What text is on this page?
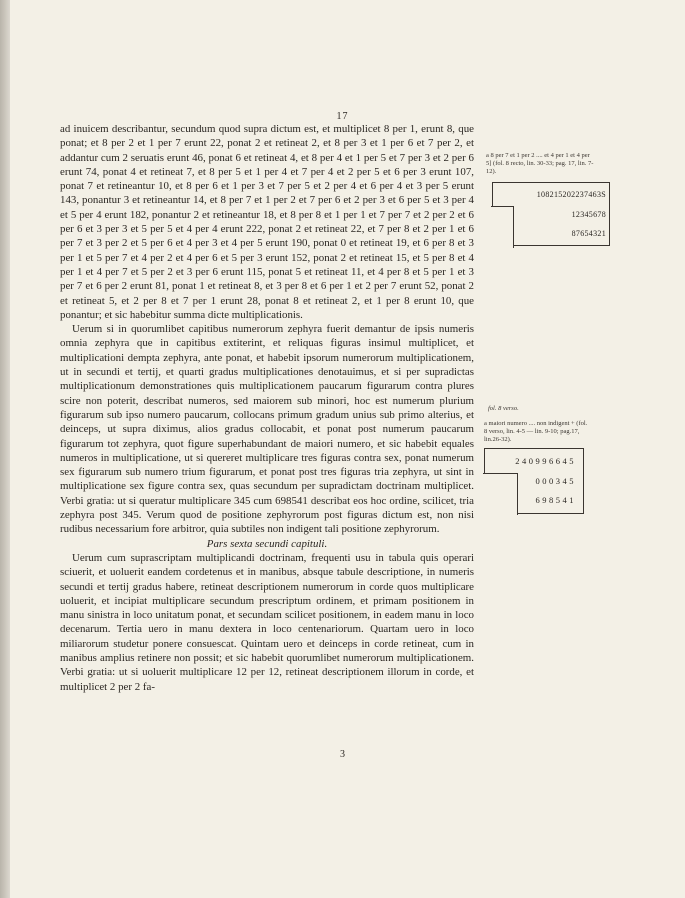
17

ad inuicem describantur, secundum quod supra dictum est, et multiplicet 8 per 1, erunt 8, que ponat; et 8 per 2 et 1 per 7 erunt 22, ponat 2 et retineat 2, et 8 per 3 et 1 per 6 et 7 per 2, et addantur cum 2 seruatis erunt 46, ponat 6 et retineat 4, et 8 per 4 et 1 per 5 et 7 per 3 et 2 per 6 erunt 74, ponat 4 et retineat 7, et 8 per 5 et 1 per 4 et 7 per 4 et 2 per 5 et 6 per 3 erunt 107, ponat 7 et retineantur 10, et 8 per 6 et 1 per 3 et 7 per 5 et 2 per 4 et 6 per 4 et 3 per 5 erunt 143, ponantur 3 et retineantur 14, et 8 per 7 et 1 per 2 et 7 per 6 et 2 per 3 et 6 per 5 et 3 per 4 et 5 per 4 erunt 182, ponantur 2 et retineantur 18, et 8 per 8 et 1 per 1 et 7 per 7 et 2 per 2 et 6 per 6 et 3 per 3 et 5 per 5 et 4 per 4 erunt 222, ponat 2 et retineat 22, et 7 per 8 et 2 per 1 et 6 per 7 et 3 per 2 et 5 per 6 et 4 per 3 et 4 per 5 erunt 190, ponat 0 et retineat 19, et 6 per 8 et 3 per 1 et 5 per 7 et 4 per 2 et 4 per 6 et 5 per 3 erunt 152, ponat 2 et retineat 15, et 5 per 8 et 4 per 1 et 4 per 7 et 5 per 2 et 3 per 6 erunt 115, ponat 5 et retineat 11, et 4 per 8 et 5 per 1 et 3 per 7 et 6 per 2 erunt 81, ponat 1 et retineat 8, et 3 per 8 et 6 per 1 et 2 per 7 erunt 52, ponat 2 et retineat 5, et 2 per 8 et 7 per 1 erunt 28, ponat 8 et retineat 2, et 1 per 8 erunt 10, que ponantur; et sic habebitur summa dicte multiplicationis.

Uerum si in quorumlibet capitibus numerorum zephyra fuerit demantur de ipsis numeris omnia zephyra que in capitibus extiterint, et reliquas figuras insimul multiplicet, et multiplicationi dempta zephyra, ante ponat, et habebit ipsorum numerorum multiplicationem, ut in secundi et tertij, et quarti gradus multiplicationes denotauimus, et si per supradictas multiplicationum demonstrationes quis multiplicationem paucarum figurarum contra plures scire non poterit, describat numeros, sed maiorem sub minori, hoc est numerum plurium figurarum sub ipso numero paucarum, collocans primum gradum unius sub primo alterius, et deinceps, ut supra diximus, alios gradus collocabit, et ponat post numerum paucarum figurarum tot zephyra, quot figure superhabundant de maiori numero, et sic habebit equales numeros in multiplicatione, ut si quereret multiplicare tres figuras contra sex, ponat numerum sex figurarum sub numero trium figurarum, et ponat post tres figuras tria zephyra, ut sint in multiplicatione sex figure contra sex, quas secundum per supradictam doctrinam multiplicet. Verbi gratia: ut si queratur multiplicare 345 cum 698541 describat eos hoc ordine, scilicet, tria zephyra post 345. Verum quod de positione zephyrorum post figuras dictum est, non nisi rudibus necessarium fore arbitror, quia subtiles non indigent tali positione zephyrorum.

Pars sexta secundi capituli.

Uerum cum suprascriptam multiplicandi doctrinam, frequenti usu in tabula quis operari sciuerit, et uoluerit eandem cordetenus et in manibus, absque tabule descriptione, in numeris secundi et tertij gradus habere, retineat descriptionem numerorum in corde quos multiplicare uoluerit, et incipiat multiplicare secundum prescriptum ordinem, et primam positionem in manu sinistra in loco unitatum ponat, et secundam scilicet positionem, in eadem manu in loco decenarum. Tertia uero in manu dextera in loco centenariorum. Quartam uero in loco miliarorum studetur ponere consuescat. Quintam uero et deinceps in corde retineat, cum in manibus amplius retinere non possit; et sic habebit quorumlibet numerorum multiplicationem. Verbi gratia: ut si uoluerit multiplicare 12 per 12, retineat descriptionem illorum in corde, et multiplicet 2 per 2 fa-

a 8 per 7 et 1 per 2 .... et 4 per 1 et 4 per 5] (fol. 8 recto, lin. 30-33; pag. 17, lin. 7-12).
108215202237463S
12345678
87654321
fol. 8 verso.
a maiori numero .... non indigent + (fol. 8 verso, lin. 4-5 — lin. 9-10; pag.17, lin.26-32).
240996645
000345
698541
3
